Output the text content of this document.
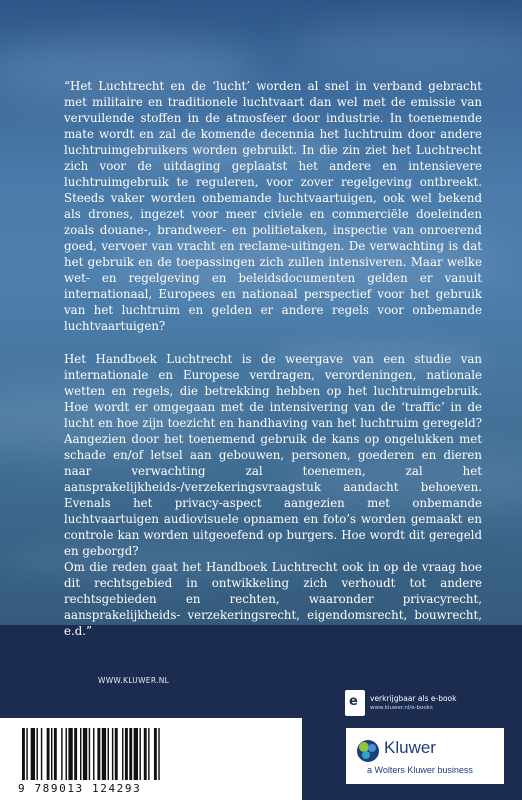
“Het Luchtrecht en de ‘lucht’ worden al snel in verband gebracht met militaire en traditionele luchtvaart dan wel met de emissie van vervuilende stoffen in de atmosfeer door industrie. In toenemende mate wordt en zal de komende decennia het luchtruim door andere luchtruimgebruikers worden gebruikt. In die zin ziet het Luchtrecht zich voor de uitdaging geplaatst het andere en intensievere luchtruimgebruik te reguleren, voor zover regelgeving ontbreekt. Steeds vaker worden onbemande luchtvaartuigen, ook wel bekend als drones, ingezet voor meer civiele en commerciële doeleinden zoals douane-, brandweer- en politietaken, inspectie van onroerend goed, vervoer van vracht en reclame-uitingen. De verwachting is dat het gebruik en de toepassingen zich zullen intensiveren. Maar welke wet- en regelgeving en beleidsdocumenten gelden er vanuit internationaal, Europees en nationaal perspectief voor het gebruik van het luchtruim en gelden er andere regels voor onbemande luchtvaartuigen?

Het Handboek Luchtrecht is de weergave van een studie van internationale en Europese verdragen, verordeningen, nationale wetten en regels, die betrekking hebben op het luchtruimgebruik. Hoe wordt er omgegaan met de intensivering van de ‘traffic’ in de lucht en hoe zijn toezicht en handhaving van het luchtruim geregeld? Aangezien door het toenemend gebruik de kans op ongelukken met schade en/of letsel aan gebouwen, personen, goederen en dieren naar verwachting zal toenemen, zal het aansprakelijkheids-/verzekeringsvraagstuk aandacht behoeven. Evenals het privacy-aspect aangezien met onbemande luchtvaartuigen audiovisuele opnamen en foto’s worden gemaakt en controle kan worden uitgeoefend op burgers. Hoe wordt dit geregeld en geborgd?

Om die reden gaat het Handboek Luchtrecht ook in op de vraag hoe dit rechtsgebied in ontwikkeling zich verhoudt tot andere rechtsgebieden en rechten, waaronder privacyrecht, aansprakelijkheids- verzekeringsrecht, eigendomsrecht, bouwrecht, e.d.”

WWW.KLUWER.NL
e verkrijgbaar als e-book
www.kluwer.nl/e-books
9 789013 124293
Kluwer
a Wolters Kluwer business
